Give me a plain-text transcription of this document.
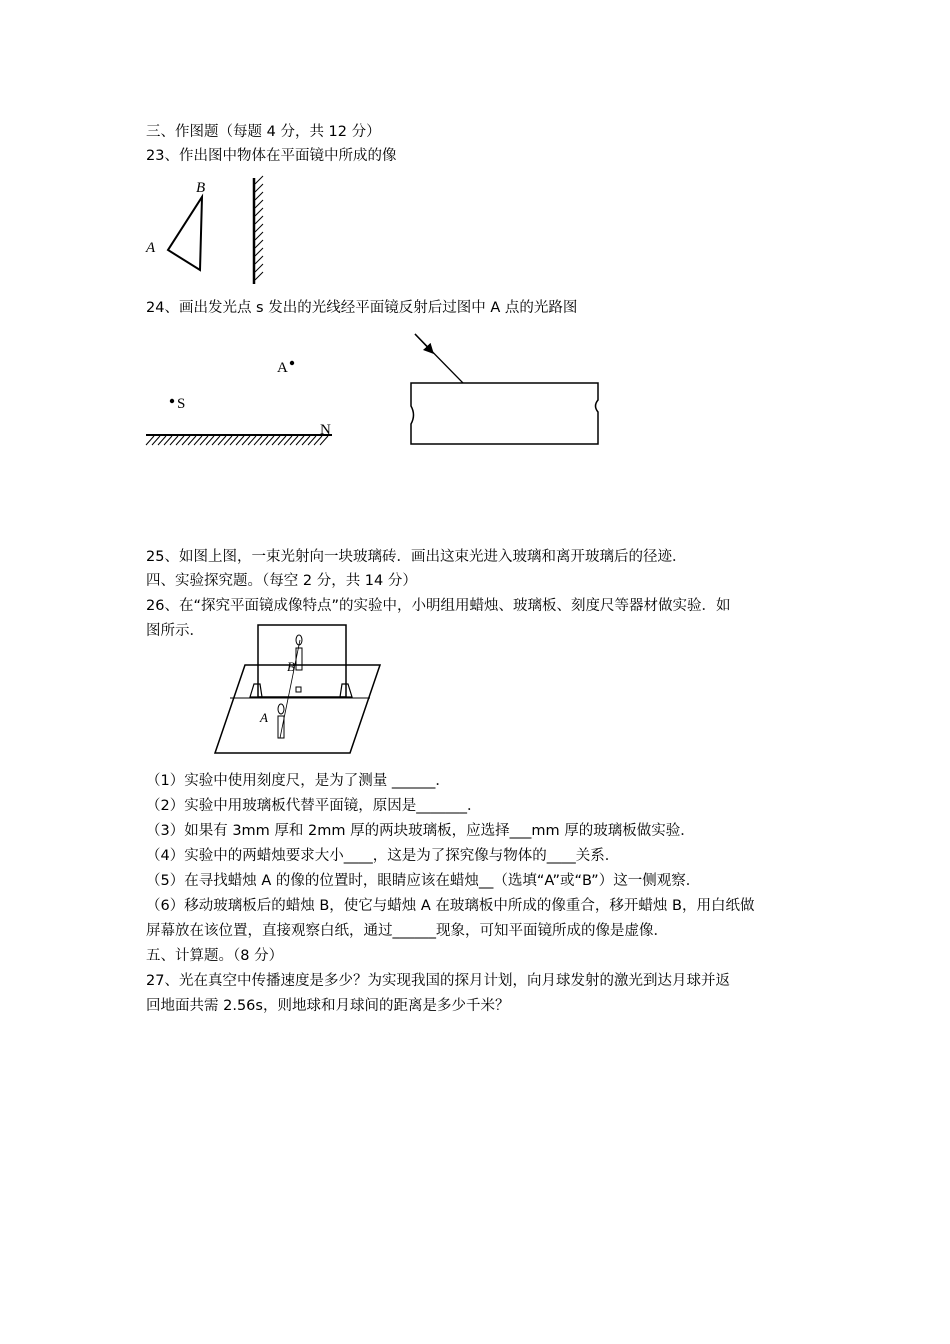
三、作图题（每题 4 分，共 12 分）
23、作出图中物体在平面镜中所成的像
B
A
24、画出发光点 s 发出的光线经平面镜反射后过图中 A 点的光路图
A
S
N
25、如图上图，一束光射向一块玻璃砖．画出这束光进入玻璃和离开玻璃后的径迹．
四、实验探究题。（每空 2 分，共 14 分）
26、在“探究平面镜成像特点”的实验中，小明组用蜡烛、玻璃板、刻度尺等器材做实验．如
图所示．
B
A
（1）实验中使用刻度尺，是为了测量 ______．
（2）实验中用玻璃板代替平面镜，原因是_______．
（3）如果有 3mm 厚和 2mm 厚的两块玻璃板，应选择___mm 厚的玻璃板做实验．
（4）实验中的两蜡烛要求大小____，这是为了探究像与物体的____关系．
（5）在寻找蜡烛 A 的像的位置时，眼睛应该在蜡烛__（选填“A”或“B”）这一侧观察．
（6）移动玻璃板后的蜡烛 B，使它与蜡烛 A 在玻璃板中所成的像重合，移开蜡烛 B，用白纸做
屏幕放在该位置，直接观察白纸，通过______现象，可知平面镜所成的像是虚像．
五、计算题。（8 分）
27、光在真空中传播速度是多少？为实现我国的探月计划，向月球发射的激光到达月球并返
回地面共需 2.56s，则地球和月球间的距离是多少千米？
